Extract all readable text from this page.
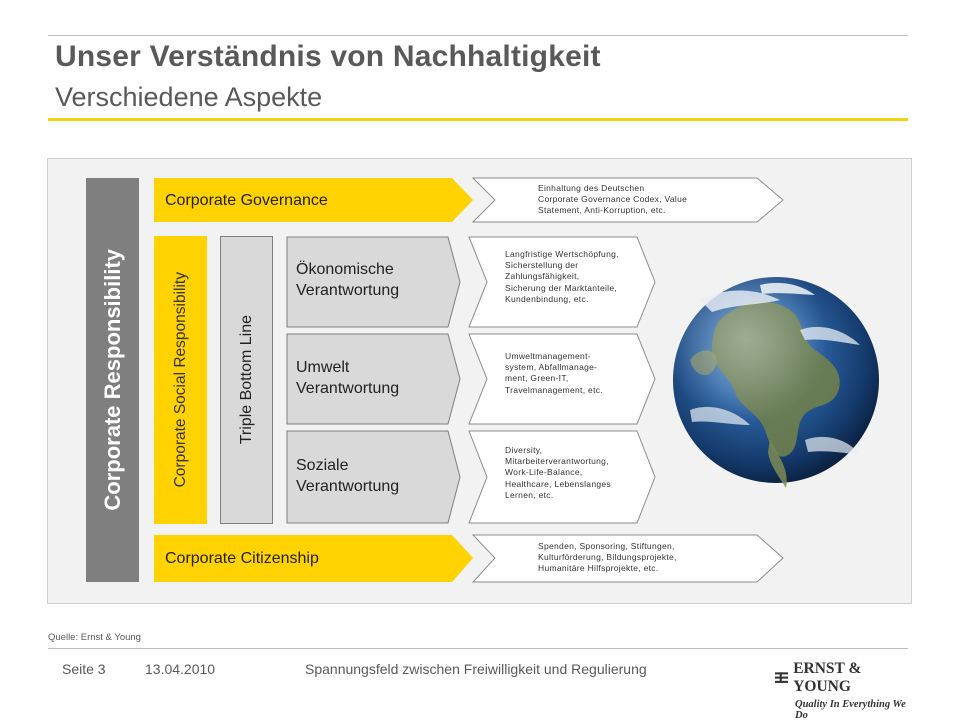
Unser Verständnis von Nachhaltigkeit
Verschiedene Aspekte
Corporate Responsibility	Corporate Social Responsibility	Triple Bottom Line
Corporate Governance
Corporate Citizenship
Ökonomische
Verantwortung
Umwelt
Verantwortung
Soziale
Verantwortung
Einhaltung des Deutschen
Corporate Governance Codex, Value
Statement, Anti-Korruption, etc.
Langfristige Wertschöpfung,
Sicherstellung der
Zahlungsfähigkeit,
Sicherung der Marktanteile,
Kundenbindung, etc.
Umweltmanagement-
system, Abfallmanage-
ment, Green-IT,
Travelmanagement, etc.
Diversity,
Mitarbeiterverantwortung,
Work-Life-Balance,
Healthcare, Lebenslanges
Lernen, etc.
Spenden, Sponsoring, Stiftungen,
Kulturförderung, Bildungsprojekte,
Humanitäre Hilfsprojekte, etc.
Quelle: Ernst & Young
Seite 3	13.04.2010	Spannungsfeld zwischen Freiwilligkeit und Regulierung	ERNST & YOUNG
Quality In Everything We Do
